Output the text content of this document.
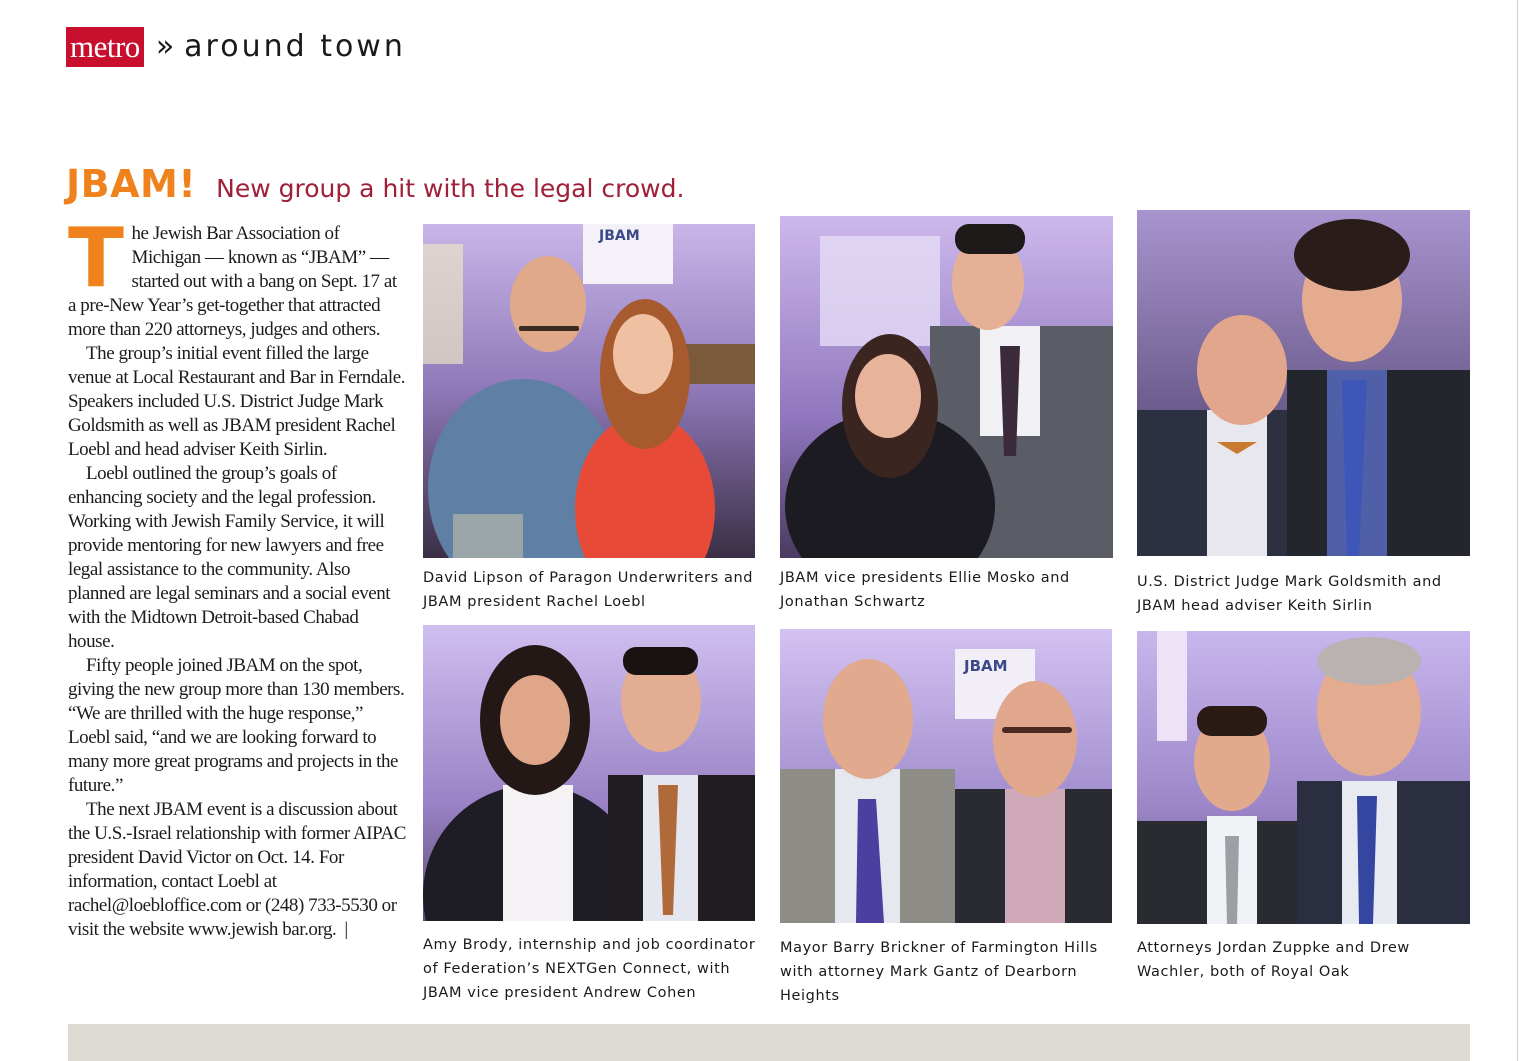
metro » around town
JBAM! New group a hit with the legal crowd.
T he Jewish Bar Association of Michigan — known as “JBAM” — started out with a bang on Sept. 17 at a pre-New Year’s get-together that attracted more than 220 attorneys, judges and others.

The group’s initial event filled the large venue at Local Restaurant and Bar in Ferndale. Speakers included U.S. District Judge Mark Goldsmith as well as JBAM president Rachel Loebl and head adviser Keith Sirlin.

Loebl outlined the group’s goals of enhancing society and the legal profession. Working with Jewish Family Service, it will provide mentoring for new lawyers and free legal assistance to the community. Also planned are legal seminars and a social event with the Midtown Detroit-based Chabad house.

Fifty people joined JBAM on the spot, giving the new group more than 130 members. “We are thrilled with the huge response,” Loebl said, “and we are looking forward to many more great programs and projects in the future.”

The next JBAM event is a discussion about the U.S.-Israel relationship with former AIPAC president David Victor on Oct. 14. For information, contact Loebl at rachel@loebloffice.com or (248) 733-5530 or visit the website www.jewish bar.org. |

JBAM
David Lipson of Paragon Underwriters and JBAM president Rachel Loebl
JBAM vice presidents Ellie Mosko and Jonathan Schwartz
U.S. District Judge Mark Goldsmith and JBAM head adviser Keith Sirlin
Amy Brody, internship and job coordinator of Federation’s NEXTGen Connect, with JBAM vice president Andrew Cohen
JBAM
Mayor Barry Brickner of Farmington Hills with attorney Mark Gantz of Dearborn Heights
Attorneys Jordan Zuppke and Drew Wachler, both of Royal Oak
